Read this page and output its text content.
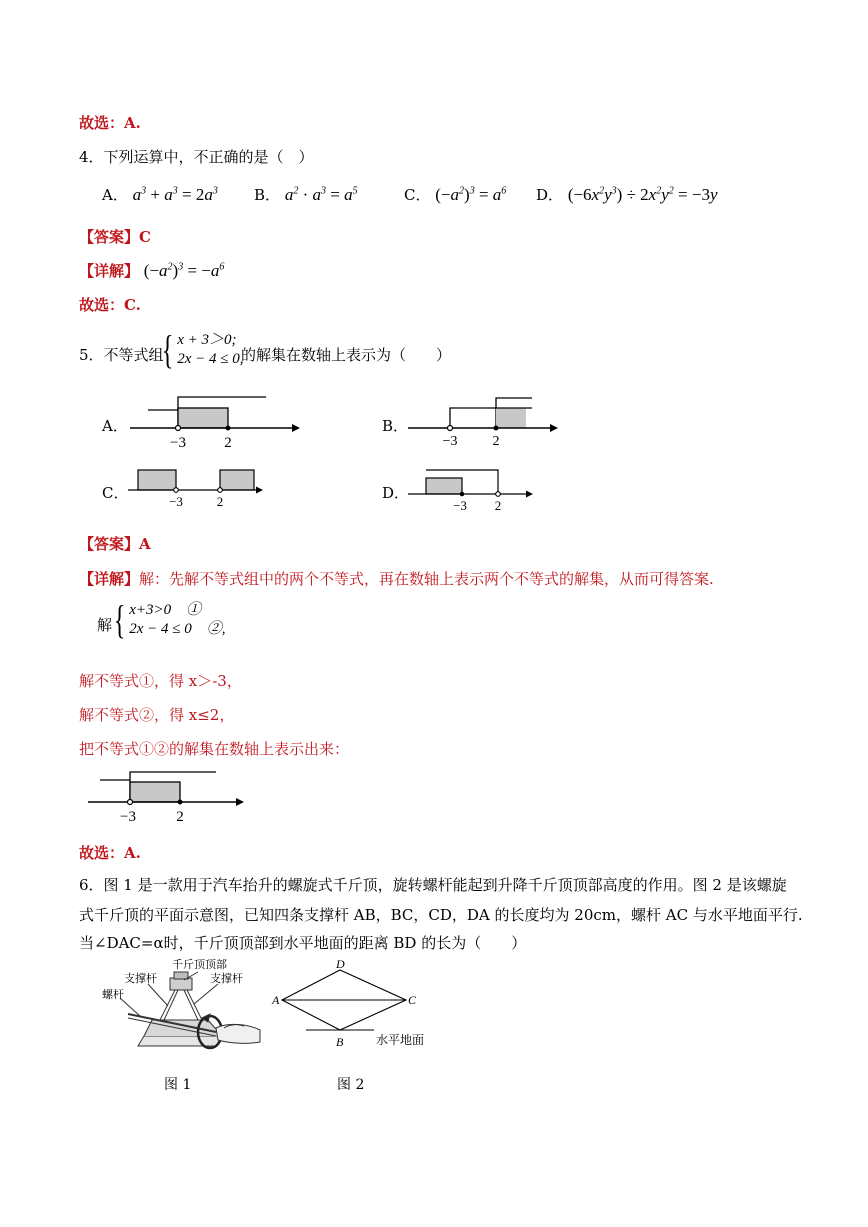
故选：A.
4．下列运算中，不正确的是（　）
A． $a^3 + a^3 = 2a^3$ B． $a^2 \cdot a^3 = a^5$	C． $(-a^2)^3 = a^6$ D． $(-6x^2y^3) \div 2x^2y^2 = -3y$
【答案】C
【详解】 $(-a^2)^3 = -a^6$
故选：C.
5．不等式组
{ x + 3＞0;
2x − 4 ≤ 0,
的解集在数轴上表示为（　　）
A．
−3	2
B．
−3	2
C．	−3	2	D．
−3 2
【答案】A
【详解】解：先解不等式组中的两个不等式，再在数轴上表示两个不等式的解集，从而可得答案.
解 { x+3>0　①
2x − 4 ≤ 0　②,
解不等式①，得 x＞-3，
解不等式②，得 x≤2，
把不等式①②的解集在数轴上表示出来：
−3	2
故选：A.
6．图 1 是一款用于汽车抬升的螺旋式千斤顶，旋转螺杆能起到升降千斤顶顶部高度的作用。图 2 是该螺旋
式千斤顶的平面示意图，已知四条支撑杆 AB，BC，CD，DA 的长度均为 20cm，螺杆 AC 与水平地面平行.
当∠DAC=α时，千斤顶顶部到水平地面的距离 BD 的长为（　　）
螺杆
支撑杆
千斤顶顶部
支撑杆
图 1
A
D
C
B	水平地面
图 2
